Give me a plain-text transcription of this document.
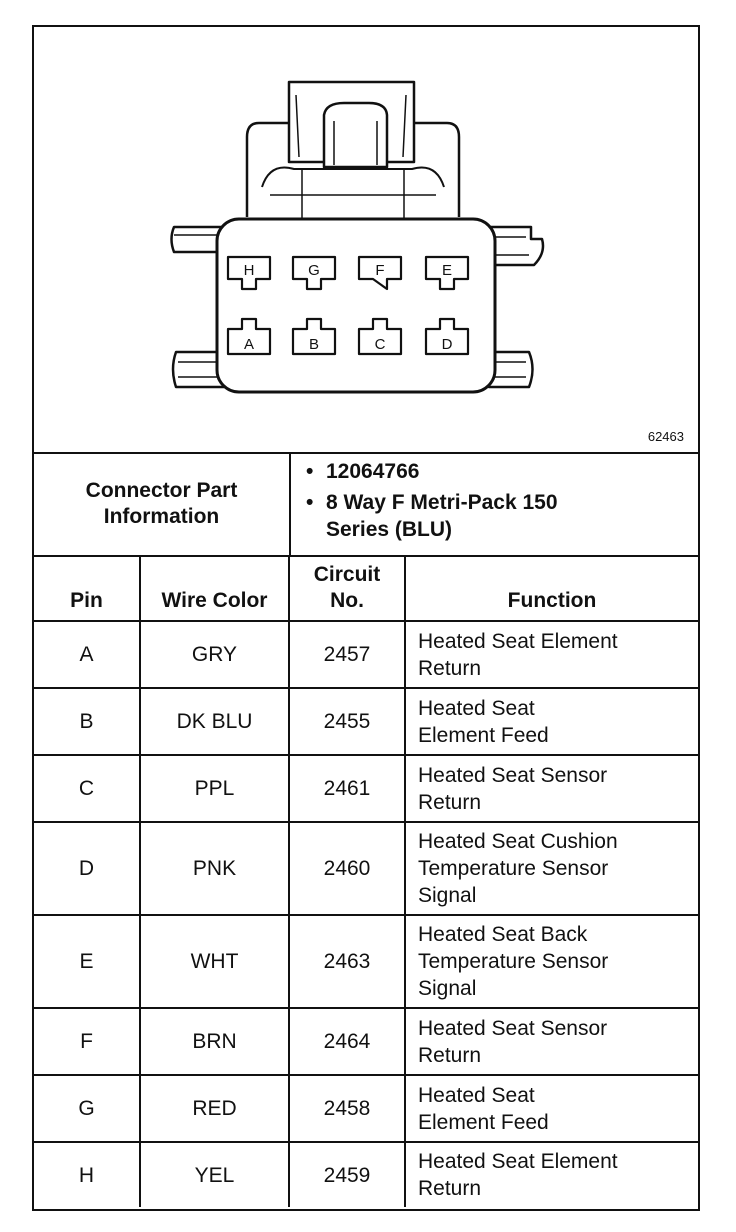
H	G	F	E
A	B	C	D
62463
Connector Part Information
• 12064766
• 8 Way F Metri-Pack 150 Series (BLU)
Pin	Wire Color	Circuit No.	Function
A	GRY	2457	Heated Seat Element Return
B	DK BLU	2455	Heated Seat Element Feed
C	PPL	2461	Heated Seat Sensor Return
D	PNK	2460	Heated Seat Cushion Temperature Sensor Signal
E	WHT	2463	Heated Seat Back Temperature Sensor Signal
F	BRN	2464	Heated Seat Sensor Return
G	RED	2458	Heated Seat Element Feed
H	YEL	2459	Heated Seat Element Return
